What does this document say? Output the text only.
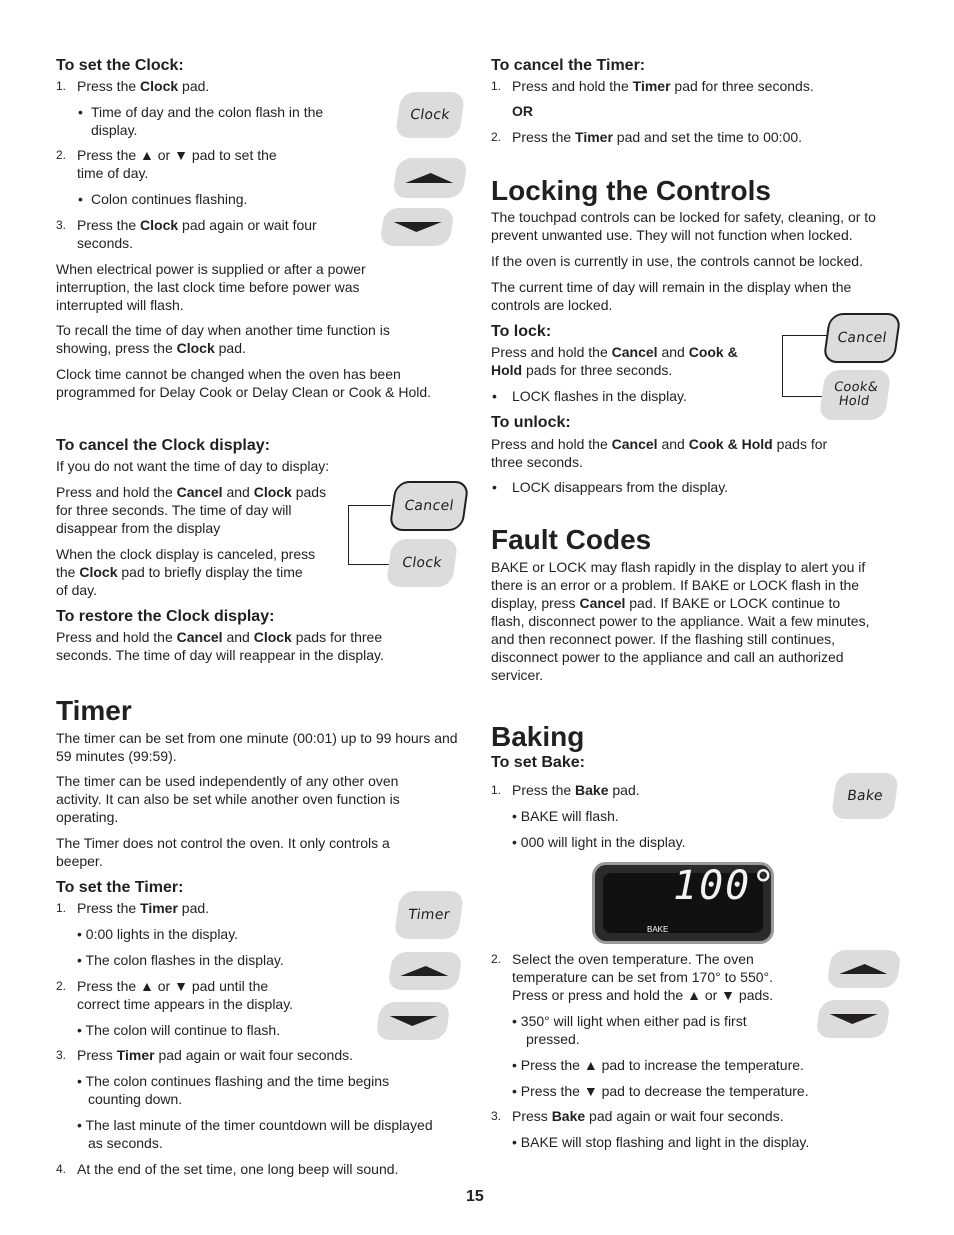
To set the Clock:
1. Press the Clock pad.
• Time of day and the colon flash in the display.
2. Press the ▲ or ▼ pad to set the
time of day.
• Colon continues flashing.
3. Press the Clock pad again or wait four
seconds.
When electrical power is supplied or after a power interruption, the last clock time before power was interrupted will flash.
To recall the time of day when another time function is
showing, press the Clock pad.
Clock time cannot be changed when the oven has been programmed for Delay Cook or Delay Clean or Cook & Hold.
Clock
To cancel the Clock display:
If you do not want the time of day to display:
Press and hold the Cancel and Clock pads
for three seconds. The time of day will
disappear from the display
When the clock display is canceled, press
the Clock pad to briefly display the time
of day.
Cancel
Clock
To restore the Clock display:
Press and hold the Cancel and Clock pads for three
seconds. The time of day will reappear in the display.
Timer
The timer can be set from one minute (00:01) up to 99 hours and 59 minutes (99:59).
The timer can be used independently of any other oven activity. It can also be set while another oven function is operating.
The Timer does not control the oven. It only controls a beeper.
To set the Timer:
1. Press the Timer pad.
• 0:00 lights in the display.
• The colon flashes in the display.
2. Press the ▲ or ▼ pad until the
correct time appears in the display.
• The colon will continue to flash.
3. Press Timer pad again or wait four seconds.
• The colon continues flashing and the time begins
counting down.
• The last minute of the timer countdown will be displayed
as seconds.
4. At the end of the set time, one long beep will sound.
Timer
To cancel the Timer:
1. Press and hold the Timer pad for three seconds.
OR
2. Press the Timer pad and set the time to 00:00.
Locking the Controls
The touchpad controls can be locked for safety, cleaning, or to prevent unwanted use. They will not function when locked.
If the oven is currently in use, the controls cannot be locked.
The current time of day will remain in the display when the controls are locked.
To lock:
Press and hold the Cancel and Cook &
Hold pads for three seconds.
• LOCK flashes in the display.
Cancel
Cook&
Hold
To unlock:
Press and hold the Cancel and Cook & Hold pads for
three seconds.
• LOCK disappears from the display.
Fault Codes
BAKE or LOCK may flash rapidly in the display to alert you if
there is an error or a problem. If BAKE or LOCK flash in the
display, press Cancel pad. If BAKE or LOCK continue to
flash, disconnect power to the appliance. Wait a few minutes,
and then reconnect power. If the flashing still continues,
disconnect power to the appliance and call an authorized
servicer.
Baking
To set Bake:
1. Press the Bake pad.
• BAKE will flash.
• 000 will light in the display.
Bake
100°
BAKE
2. Select the oven temperature. The oven
temperature can be set from 170° to 550°.
Press or press and hold the ▲ or ▼ pads.
• 350° will light when either pad is first
pressed.
• Press the ▲ pad to increase the temperature.
• Press the ▼ pad to decrease the temperature.
3. Press Bake pad again or wait four seconds.
• BAKE will stop flashing and light in the display.
15
